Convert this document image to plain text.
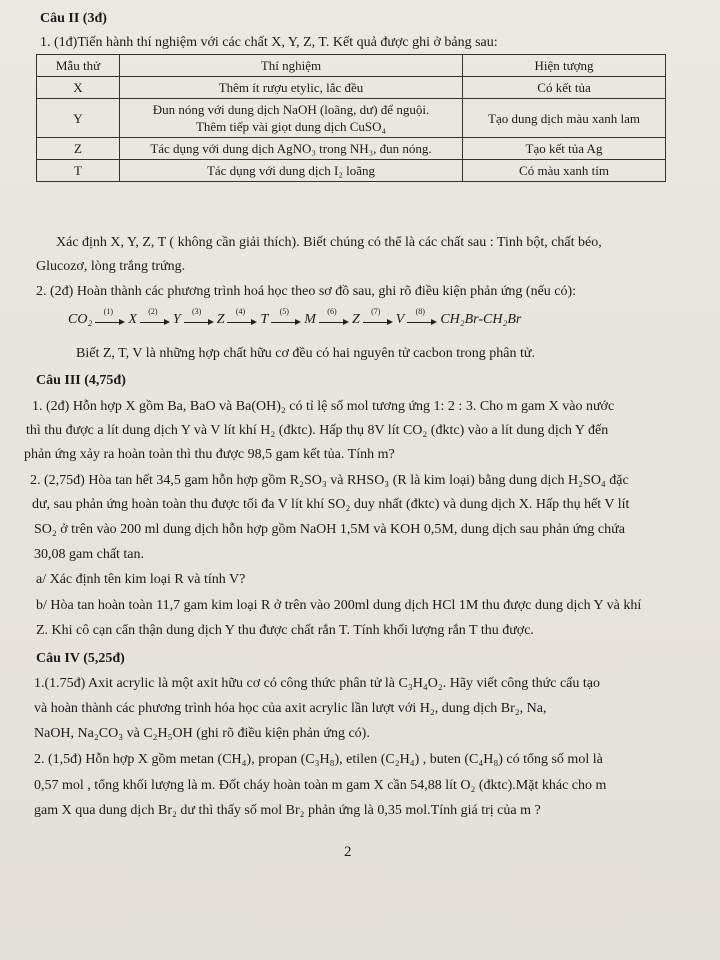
Câu II (3đ)
1. (1đ)Tiến hành thí nghiệm với các chất X, Y, Z, T. Kết quả được ghi ở bảng sau:
Mẫu thử	Thí nghiệm	Hiện tượng
X	Thêm ít rượu etylic, lắc đều	Có kết tủa
Y	Đun nóng với dung dịch NaOH (loãng, dư) để nguội.
Thêm tiếp vài giọt dung dịch CuSO₄	Tạo dung dịch màu xanh lam
Z	Tác dụng với dung dịch AgNO₃ trong NH₃, đun nóng.	Tạo kết tủa Ag
T	Tác dụng với dung dịch I₂ loãng	Có màu xanh tím
Xác định X, Y, Z, T ( không cần giải thích). Biết chúng có thể là các chất sau : Tinh bột, chất béo,
Glucozơ, lòng trắng trứng.
2. (2đ) Hoàn thành các phương trình hoá học theo sơ đồ sau, ghi rõ điều kiện phản ứng (nếu có):
CO₂
(1)
X
(2)
Y
(3)
Z
(4)
T
(5)
M
(6)
Z
(7)
V
(8)
CH₂Br-CH₂Br
Biết Z, T, V là những hợp chất hữu cơ đều có hai nguyên tử cacbon trong phân tử.
Câu III (4,75đ)
1. (2đ) Hỗn hợp X gồm Ba, BaO và Ba(OH)₂ có tỉ lệ số mol tương ứng 1: 2 : 3. Cho m gam X vào nước
thì thu được a lít dung dịch Y và V lít khí H₂ (đktc). Hấp thụ 8V lít CO₂ (đktc) vào a lít dung dịch Y đến
phản ứng xảy ra hoàn toàn thì thu được 98,5 gam kết tủa. Tính m?
2. (2,75đ) Hòa tan hết 34,5 gam hỗn hợp gồm R₂SO₃ và RHSO₃ (R là kim loại) bằng dung dịch H₂SO₄ đặc
dư, sau phản ứng hoàn toàn thu được tối đa V lít khí SO₂ duy nhất (đktc) và dung dịch X. Hấp thụ hết V lít
SO₂ ở trên vào 200 ml dung dịch hỗn hợp gồm NaOH 1,5M và KOH 0,5M, dung dịch sau phản ứng chứa
30,08 gam chất tan.
a/ Xác định tên kim loại R và tính V?
b/ Hòa tan hoàn toàn 11,7 gam kim loại R ở trên vào 200ml dung dịch HCl 1M thu được dung dịch Y và khí
Z. Khi cô cạn cẩn thận dung dịch Y thu được chất rắn T. Tính khối lượng rắn T thu được.
Câu IV (5,25đ)
1.(1.75đ) Axit acrylic là một axit hữu cơ có công thức phân tử là C₃H₄O₂. Hãy viết công thức cấu tạo
và hoàn thành các phương trình hóa học của axit acrylic lần lượt với H₂, dung dịch Br₂, Na,
NaOH, Na₂CO₃ và C₂H₅OH (ghi rõ điều kiện phản ứng có).
2. (1,5đ) Hỗn hợp X gồm metan (CH₄), propan (C₃H₈), etilen (C₂H₄) , buten (C₄H₈) có tổng số mol là
0,57 mol , tổng khối lượng là m. Đốt cháy hoàn toàn m gam X cần 54,88 lít O₂ (đktc).Mặt khác cho m
gam X qua dung dịch Br₂ dư thì thấy số mol Br₂ phản ứng là 0,35 mol.Tính giá trị của m ?
2
